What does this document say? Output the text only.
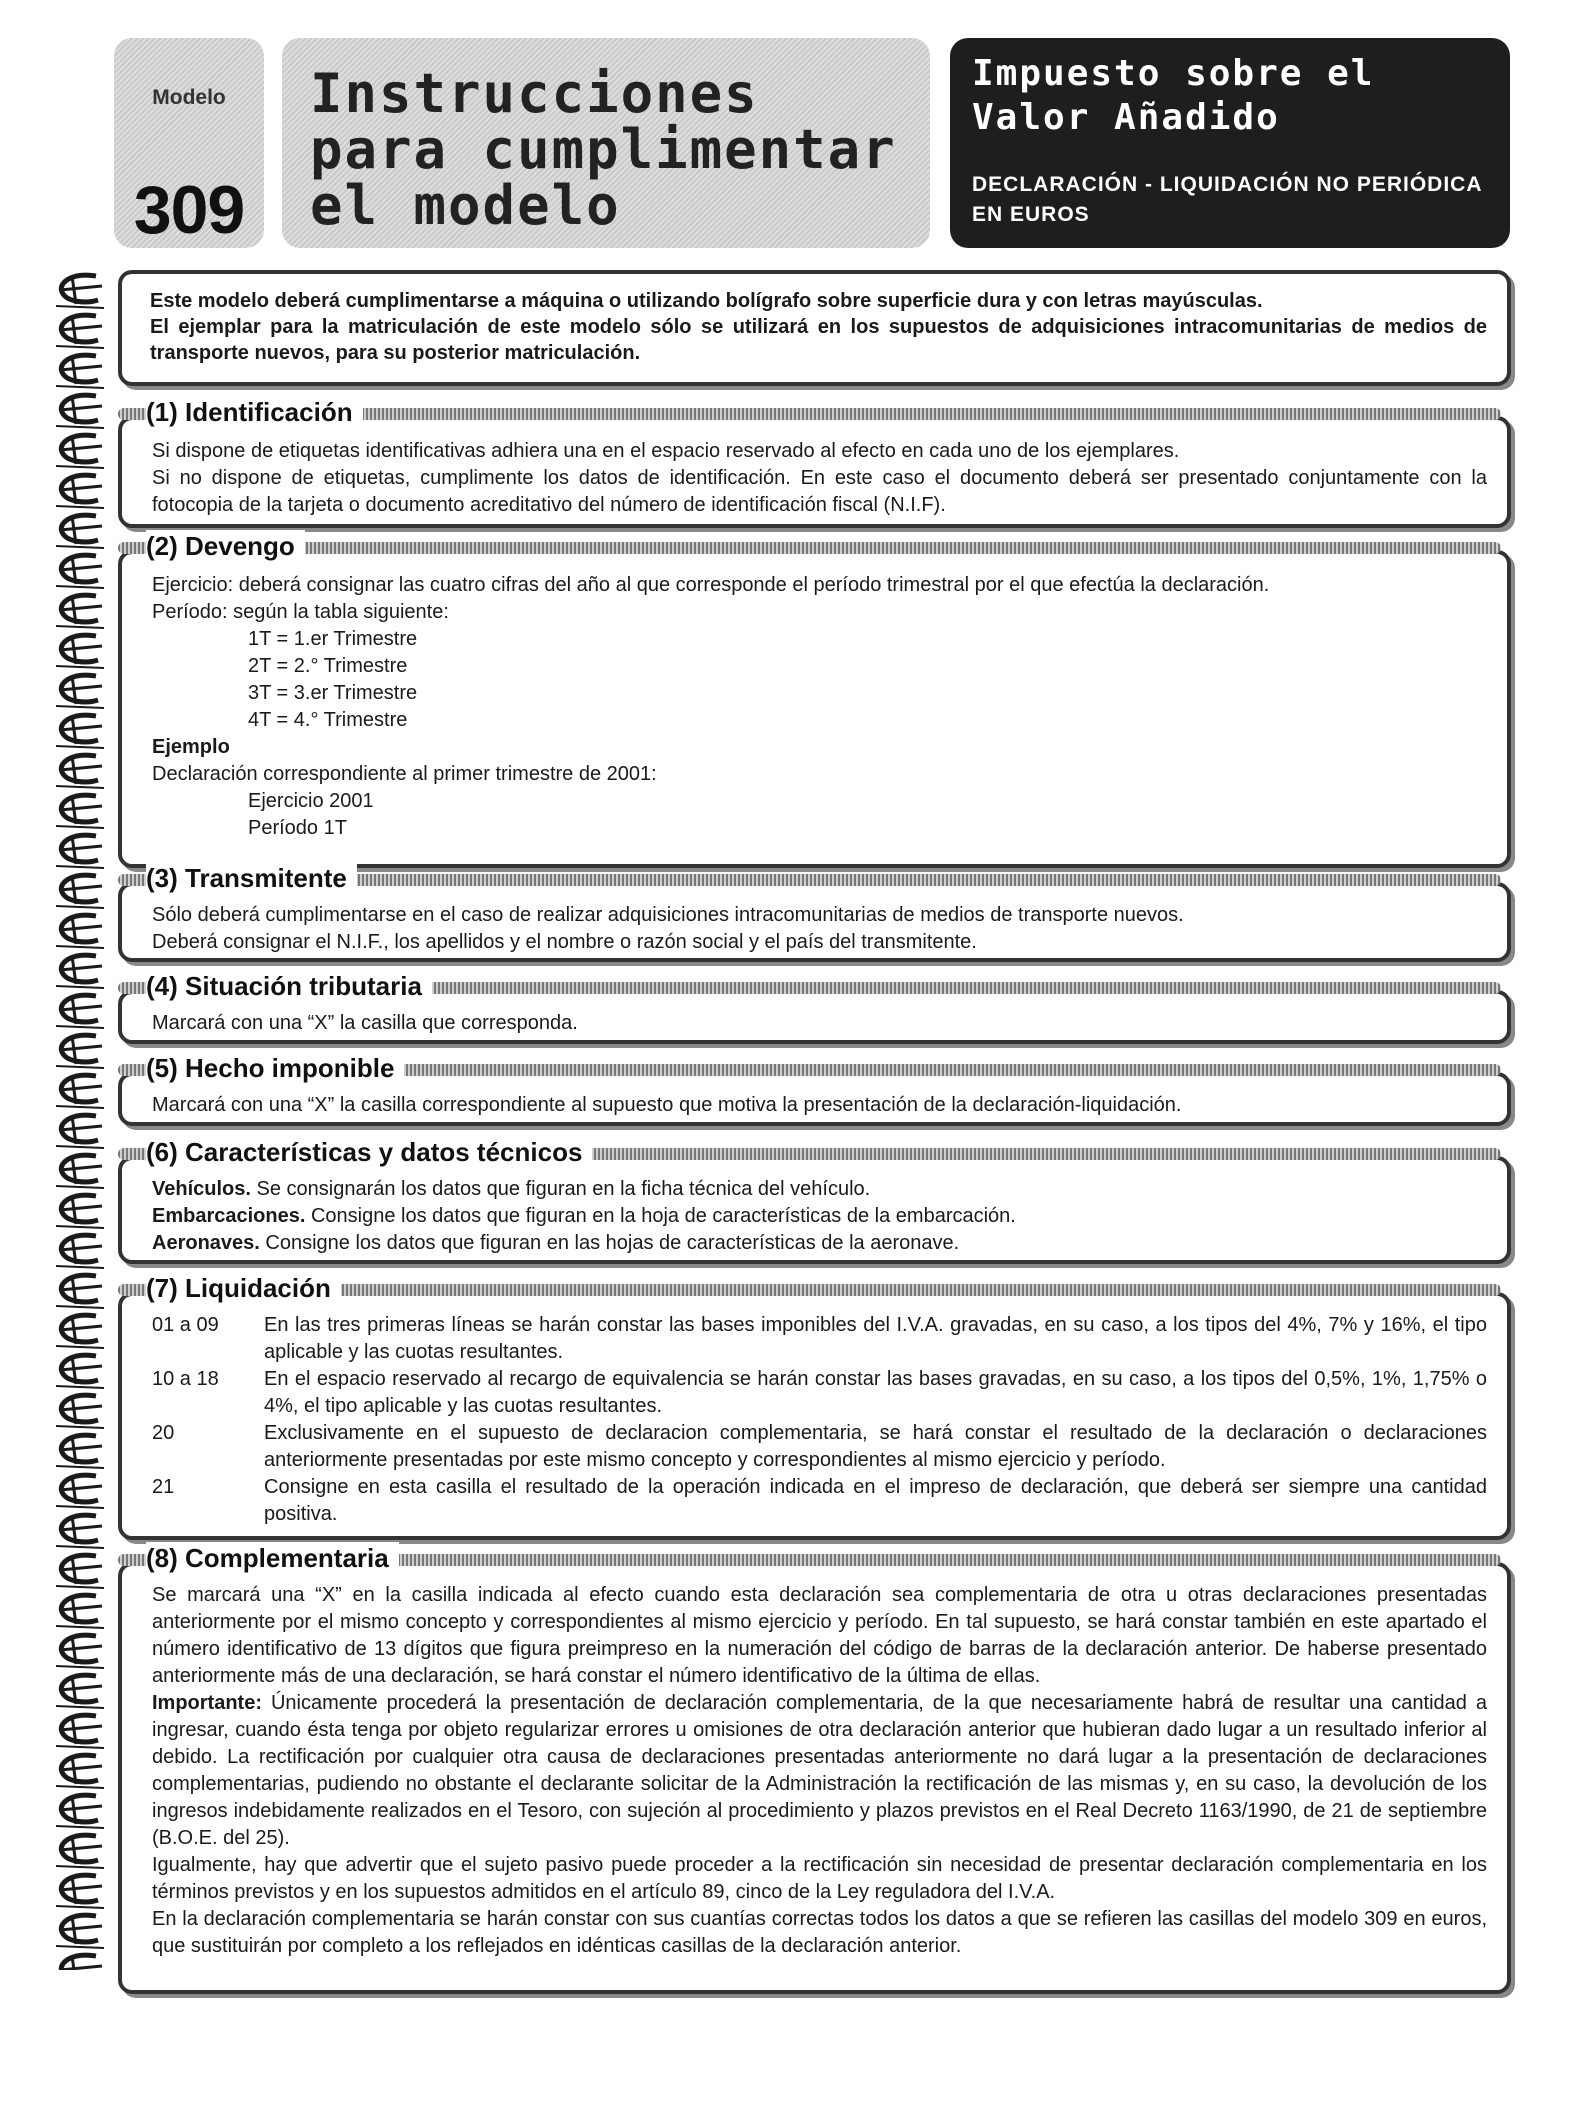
Modelo
309
Instrucciones
para cumplimentar
el modelo
Impuesto sobre el
Valor Añadido
DECLARACIÓN - LIQUIDACIÓN NO PERIÓDICA
EN EUROS

Este modelo deberá cumplimentarse a máquina o utilizando bolígrafo sobre superficie dura y con letras mayúsculas.

El ejemplar para la matriculación de este modelo sólo se utilizará en los supuestos de adquisiciones intracomunitarias de medios de transporte nuevos, para su posterior matriculación.

(1) Identificación

Si dispone de etiquetas identificativas adhiera una en el espacio reservado al efecto en cada uno de los ejemplares.

Si no dispone de etiquetas, cumplimente los datos de identificación. En este caso el documento deberá ser presentado conjuntamente con la fotocopia de la tarjeta o documento acreditativo del número de identificación fiscal (N.I.F).

(2) Devengo

Ejercicio: deberá consignar las cuatro cifras del año al que corresponde el período trimestral por el que efectúa la declaración.

Período: según la tabla siguiente:

1T = 1.er Trimestre

2T = 2.° Trimestre

3T = 3.er Trimestre

4T = 4.° Trimestre

Ejemplo

Declaración correspondiente al primer trimestre de 2001:

Ejercicio 2001

Período 1T

(3) Transmitente

Sólo deberá cumplimentarse en el caso de realizar adquisiciones intracomunitarias de medios de transporte nuevos.

Deberá consignar el N.I.F., los apellidos y el nombre o razón social y el país del transmitente.

(4) Situación tributaria

Marcará con una “X” la casilla que corresponda.

(5) Hecho imponible

Marcará con una “X” la casilla correspondiente al supuesto que motiva la presentación de la declaración-liquidación.

(6) Características y datos técnicos

Vehículos. Se consignarán los datos que figuran en la ficha técnica del vehículo.

Embarcaciones. Consigne los datos que figuran en la hoja de características de la embarcación.

Aeronaves. Consigne los datos que figuran en las hojas de características de la aeronave.

(7) Liquidación
01 a 09	En las tres primeras líneas se harán constar las bases imponibles del I.V.A. gravadas, en su caso, a los tipos del 4%, 7% y 16%, el tipo aplicable y las cuotas resultantes.
10 a 18	En el espacio reservado al recargo de equivalencia se harán constar las bases gravadas, en su caso, a los tipos del 0,5%, 1%, 1,75% o 4%, el tipo aplicable y las cuotas resultantes.
20	Exclusivamente en el supuesto de declaracion complementaria, se hará constar el resultado de la declaración o declaraciones anteriormente presentadas por este mismo concepto y correspondientes al mismo ejercicio y período.
21	Consigne en esta casilla el resultado de la operación indicada en el impreso de declaración, que deberá ser siempre una cantidad positiva.
(8) Complementaria

Se marcará una “X” en la casilla indicada al efecto cuando esta declaración sea complementaria de otra u otras declaraciones presentadas anteriormente por el mismo concepto y correspondientes al mismo ejercicio y período. En tal supuesto, se hará constar también en este apartado el número identificativo de 13 dígitos que figura preimpreso en la numeración del código de barras de la declaración anterior. De haberse presentado anteriormente más de una declaración, se hará constar el número identificativo de la última de ellas.

Importante: Únicamente procederá la presentación de declaración complementaria, de la que necesariamente habrá de resultar una cantidad a ingresar, cuando ésta tenga por objeto regularizar errores u omisiones de otra declaración anterior que hubieran dado lugar a un resultado inferior al debido. La rectificación por cualquier otra causa de declaraciones presentadas anteriormente no dará lugar a la presentación de declaraciones complementarias, pudiendo no obstante el declarante solicitar de la Administración la rectificación de las mismas y, en su caso, la devolución de los ingresos indebidamente realizados en el Tesoro, con sujeción al procedimiento y plazos previstos en el Real Decreto 1163/1990, de 21 de septiembre (B.O.E. del 25).

Igualmente, hay que advertir que el sujeto pasivo puede proceder a la rectificación sin necesidad de presentar declaración complementaria en los términos previstos y en los supuestos admitidos en el artículo 89, cinco de la Ley reguladora del I.V.A.

En la declaración complementaria se harán constar con sus cuantías correctas todos los datos a que se refieren las casillas del modelo 309 en euros, que sustituirán por completo a los reflejados en idénticas casillas de la declaración anterior.
